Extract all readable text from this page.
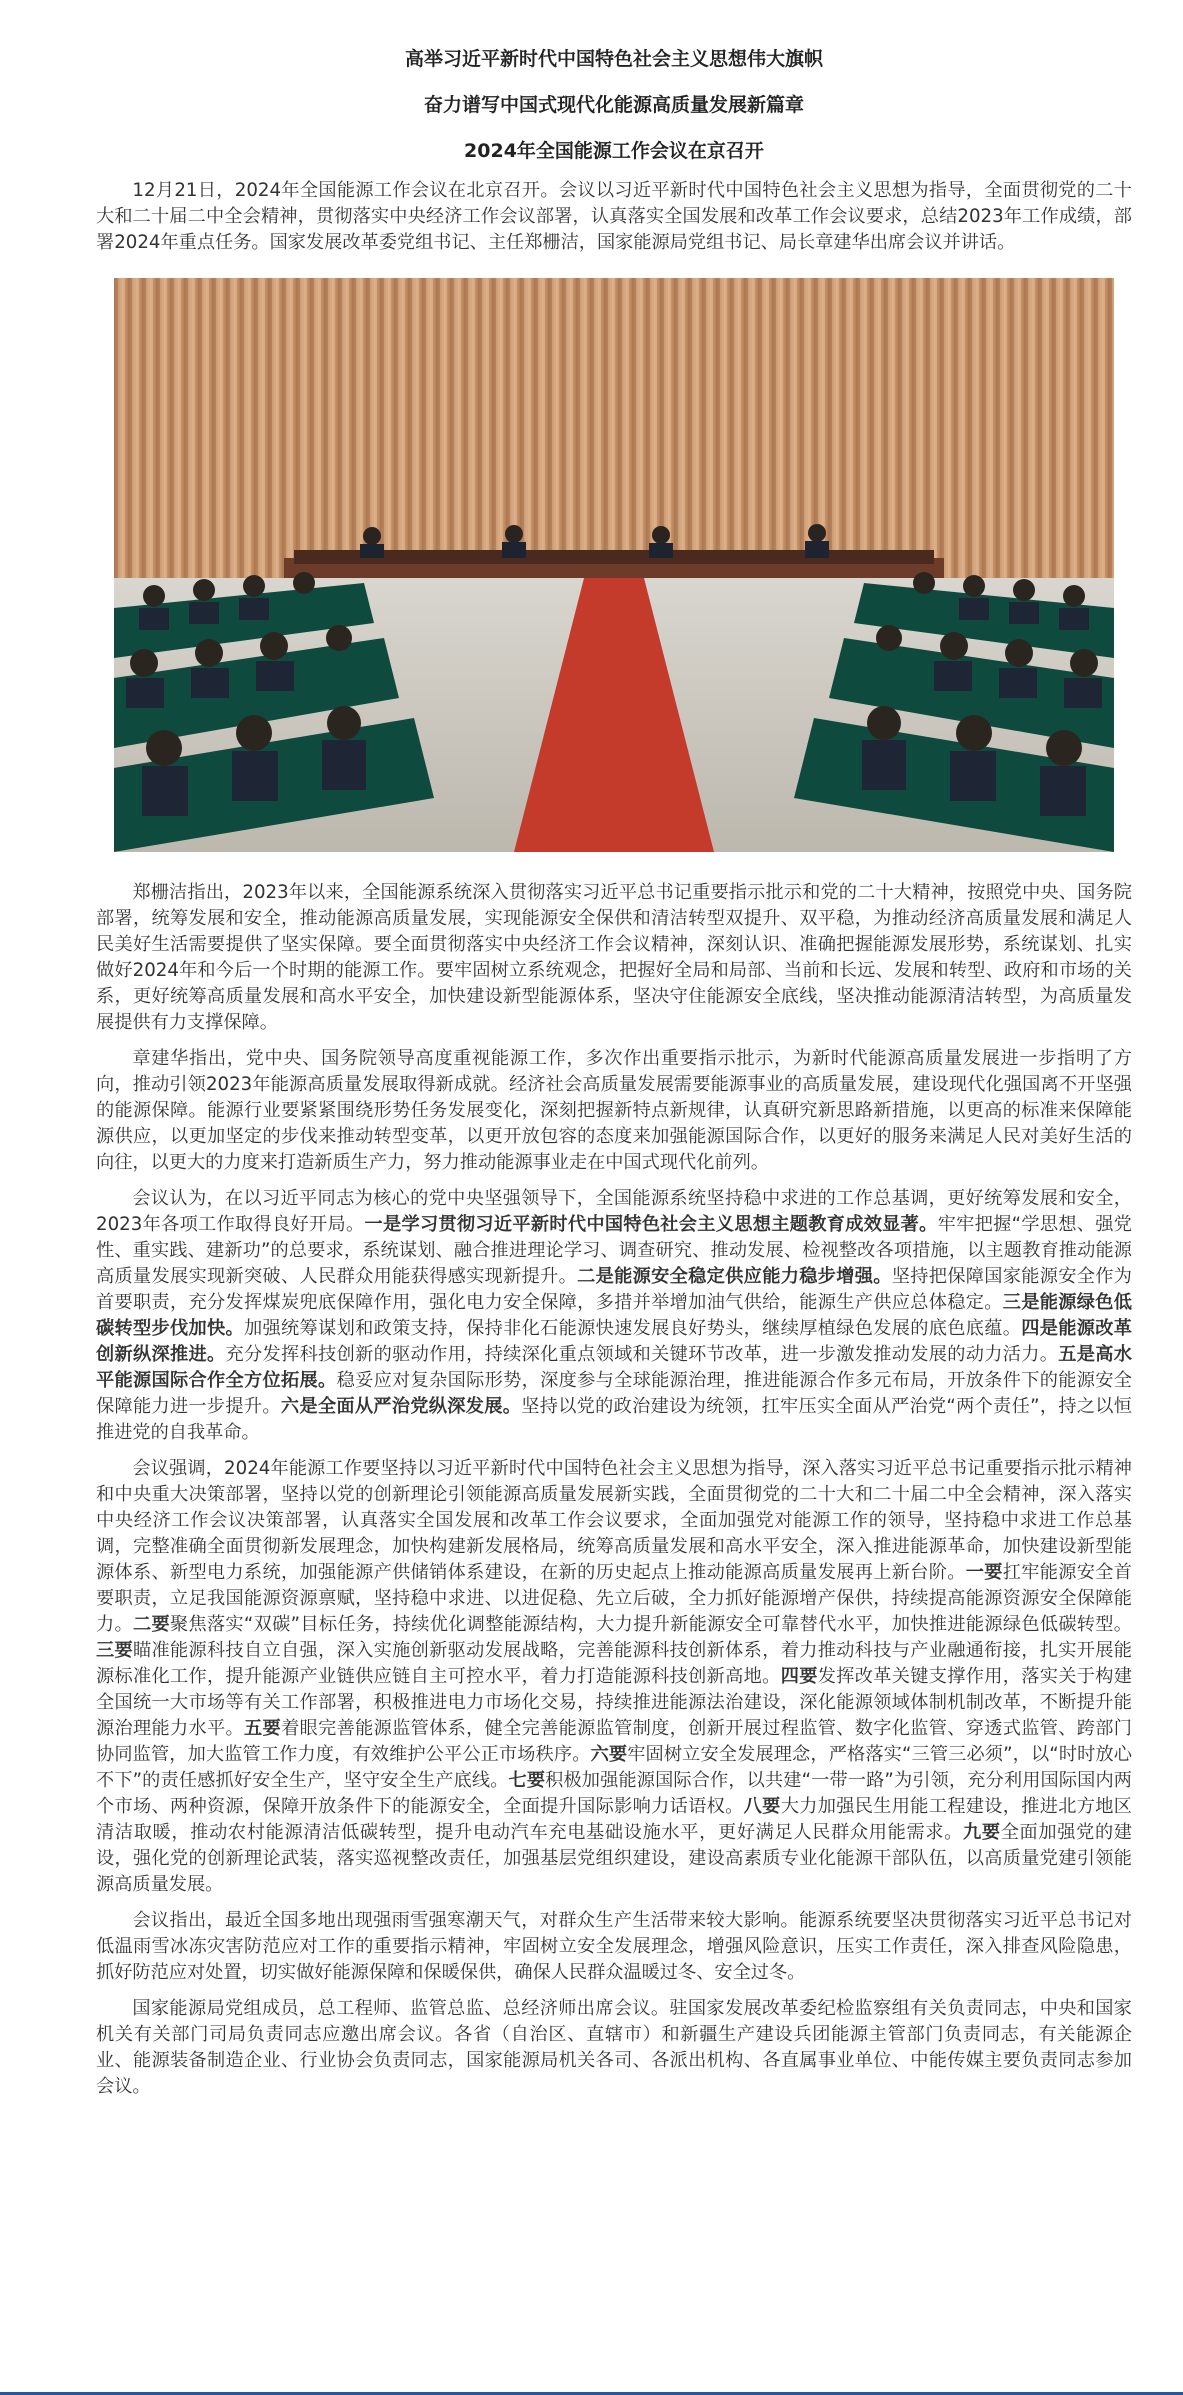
高举习近平新时代中国特色社会主义思想伟大旗帜
奋力谱写中国式现代化能源高质量发展新篇章
2024年全国能源工作会议在京召开

12月21日，2024年全国能源工作会议在北京召开。会议以习近平新时代中国特色社会主义思想为指导，全面贯彻党的二十大和二十届二中全会精神，贯彻落实中央经济工作会议部署，认真落实全国发展和改革工作会议要求，总结2023年工作成绩，部署2024年重点任务。国家发展改革委党组书记、主任郑栅洁，国家能源局党组书记、局长章建华出席会议并讲话。

郑栅洁指出，2023年以来，全国能源系统深入贯彻落实习近平总书记重要指示批示和党的二十大精神，按照党中央、国务院部署，统筹发展和安全，推动能源高质量发展，实现能源安全保供和清洁转型双提升、双平稳，为推动经济高质量发展和满足人民美好生活需要提供了坚实保障。要全面贯彻落实中央经济工作会议精神，深刻认识、准确把握能源发展形势，系统谋划、扎实做好2024年和今后一个时期的能源工作。要牢固树立系统观念，把握好全局和局部、当前和长远、发展和转型、政府和市场的关系，更好统筹高质量发展和高水平安全，加快建设新型能源体系，坚决守住能源安全底线，坚决推动能源清洁转型，为高质量发展提供有力支撑保障。

章建华指出，党中央、国务院领导高度重视能源工作，多次作出重要指示批示，为新时代能源高质量发展进一步指明了方向，推动引领2023年能源高质量发展取得新成就。经济社会高质量发展需要能源事业的高质量发展，建设现代化强国离不开坚强的能源保障。能源行业要紧紧围绕形势任务发展变化，深刻把握新特点新规律，认真研究新思路新措施，以更高的标准来保障能源供应，以更加坚定的步伐来推动转型变革，以更开放包容的态度来加强能源国际合作，以更好的服务来满足人民对美好生活的向往，以更大的力度来打造新质生产力，努力推动能源事业走在中国式现代化前列。

会议认为，在以习近平同志为核心的党中央坚强领导下，全国能源系统坚持稳中求进的工作总基调，更好统筹发展和安全，2023年各项工作取得良好开局。一是学习贯彻习近平新时代中国特色社会主义思想主题教育成效显著。牢牢把握“学思想、强党性、重实践、建新功”的总要求，系统谋划、融合推进理论学习、调查研究、推动发展、检视整改各项措施，以主题教育推动能源高质量发展实现新突破、人民群众用能获得感实现新提升。二是能源安全稳定供应能力稳步增强。坚持把保障国家能源安全作为首要职责，充分发挥煤炭兜底保障作用，强化电力安全保障，多措并举增加油气供给，能源生产供应总体稳定。三是能源绿色低碳转型步伐加快。加强统筹谋划和政策支持，保持非化石能源快速发展良好势头，继续厚植绿色发展的底色底蕴。四是能源改革创新纵深推进。充分发挥科技创新的驱动作用，持续深化重点领域和关键环节改革，进一步激发推动发展的动力活力。五是高水平能源国际合作全方位拓展。稳妥应对复杂国际形势，深度参与全球能源治理，推进能源合作多元布局，开放条件下的能源安全保障能力进一步提升。六是全面从严治党纵深发展。坚持以党的政治建设为统领，扛牢压实全面从严治党“两个责任”，持之以恒推进党的自我革命。

会议强调，2024年能源工作要坚持以习近平新时代中国特色社会主义思想为指导，深入落实习近平总书记重要指示批示精神和中央重大决策部署，坚持以党的创新理论引领能源高质量发展新实践，全面贯彻党的二十大和二十届二中全会精神，深入落实中央经济工作会议决策部署，认真落实全国发展和改革工作会议要求，全面加强党对能源工作的领导，坚持稳中求进工作总基调，完整准确全面贯彻新发展理念，加快构建新发展格局，统筹高质量发展和高水平安全，深入推进能源革命，加快建设新型能源体系、新型电力系统，加强能源产供储销体系建设，在新的历史起点上推动能源高质量发展再上新台阶。一要扛牢能源安全首要职责，立足我国能源资源禀赋，坚持稳中求进、以进促稳、先立后破，全力抓好能源增产保供，持续提高能源资源安全保障能力。二要聚焦落实“双碳”目标任务，持续优化调整能源结构，大力提升新能源安全可靠替代水平，加快推进能源绿色低碳转型。三要瞄准能源科技自立自强，深入实施创新驱动发展战略，完善能源科技创新体系，着力推动科技与产业融通衔接，扎实开展能源标准化工作，提升能源产业链供应链自主可控水平，着力打造能源科技创新高地。四要发挥改革关键支撑作用，落实关于构建全国统一大市场等有关工作部署，积极推进电力市场化交易，持续推进能源法治建设，深化能源领域体制机制改革，不断提升能源治理能力水平。五要着眼完善能源监管体系，健全完善能源监管制度，创新开展过程监管、数字化监管、穿透式监管、跨部门协同监管，加大监管工作力度，有效维护公平公正市场秩序。六要牢固树立安全发展理念，严格落实“三管三必须”，以“时时放心不下”的责任感抓好安全生产，坚守安全生产底线。七要积极加强能源国际合作，以共建“一带一路”为引领，充分利用国际国内两个市场、两种资源，保障开放条件下的能源安全，全面提升国际影响力话语权。八要大力加强民生用能工程建设，推进北方地区清洁取暖，推动农村能源清洁低碳转型，提升电动汽车充电基础设施水平，更好满足人民群众用能需求。九要全面加强党的建设，强化党的创新理论武装，落实巡视整改责任，加强基层党组织建设，建设高素质专业化能源干部队伍，以高质量党建引领能源高质量发展。

会议指出，最近全国多地出现强雨雪强寒潮天气，对群众生产生活带来较大影响。能源系统要坚决贯彻落实习近平总书记对低温雨雪冰冻灾害防范应对工作的重要指示精神，牢固树立安全发展理念，增强风险意识，压实工作责任，深入排查风险隐患，抓好防范应对处置，切实做好能源保障和保暖保供，确保人民群众温暖过冬、安全过冬。

国家能源局党组成员，总工程师、监管总监、总经济师出席会议。驻国家发展改革委纪检监察组有关负责同志，中央和国家机关有关部门司局负责同志应邀出席会议。各省（自治区、直辖市）和新疆生产建设兵团能源主管部门负责同志，有关能源企业、能源装备制造企业、行业协会负责同志，国家能源局机关各司、各派出机构、各直属事业单位、中能传媒主要负责同志参加会议。
